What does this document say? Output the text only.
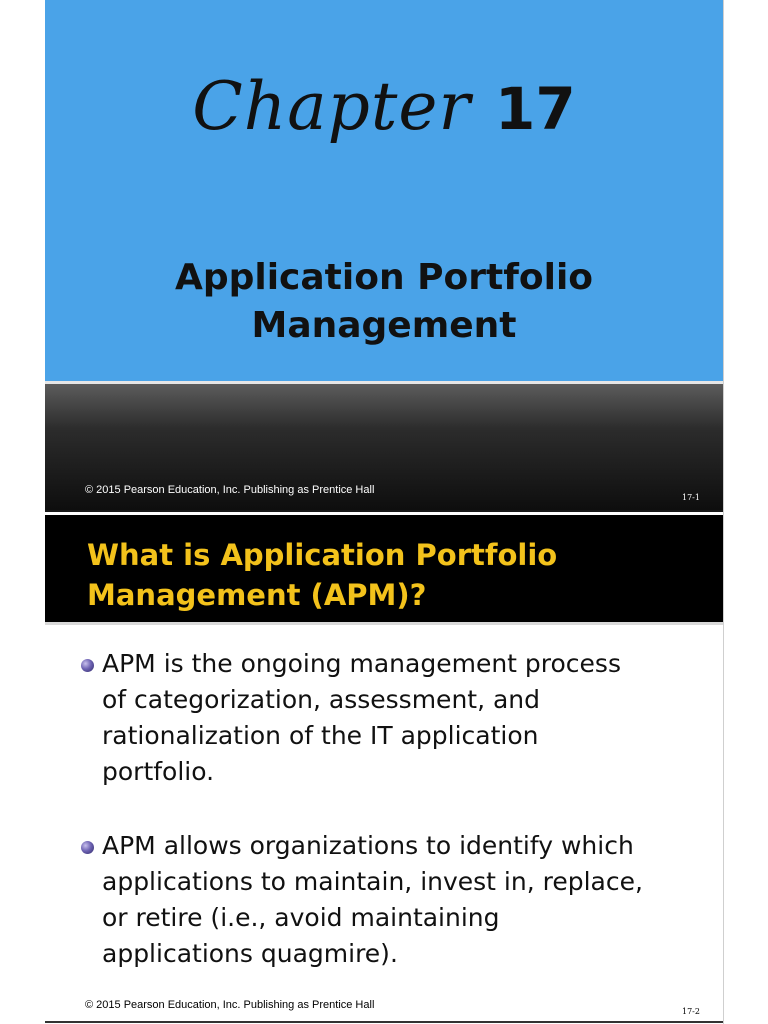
Chapter 17
Application Portfolio
Management
© 2015 Pearson Education, Inc. Publishing as Prentice Hall
17-1
What is Application Portfolio
Management (APM)?
APM is the ongoing management process
of categorization, assessment, and
rationalization of the IT application
portfolio.
APM allows organizations to identify which
applications to maintain, invest in, replace,
or retire (i.e., avoid maintaining
applications quagmire).
© 2015 Pearson Education, Inc. Publishing as Prentice Hall
17-2
